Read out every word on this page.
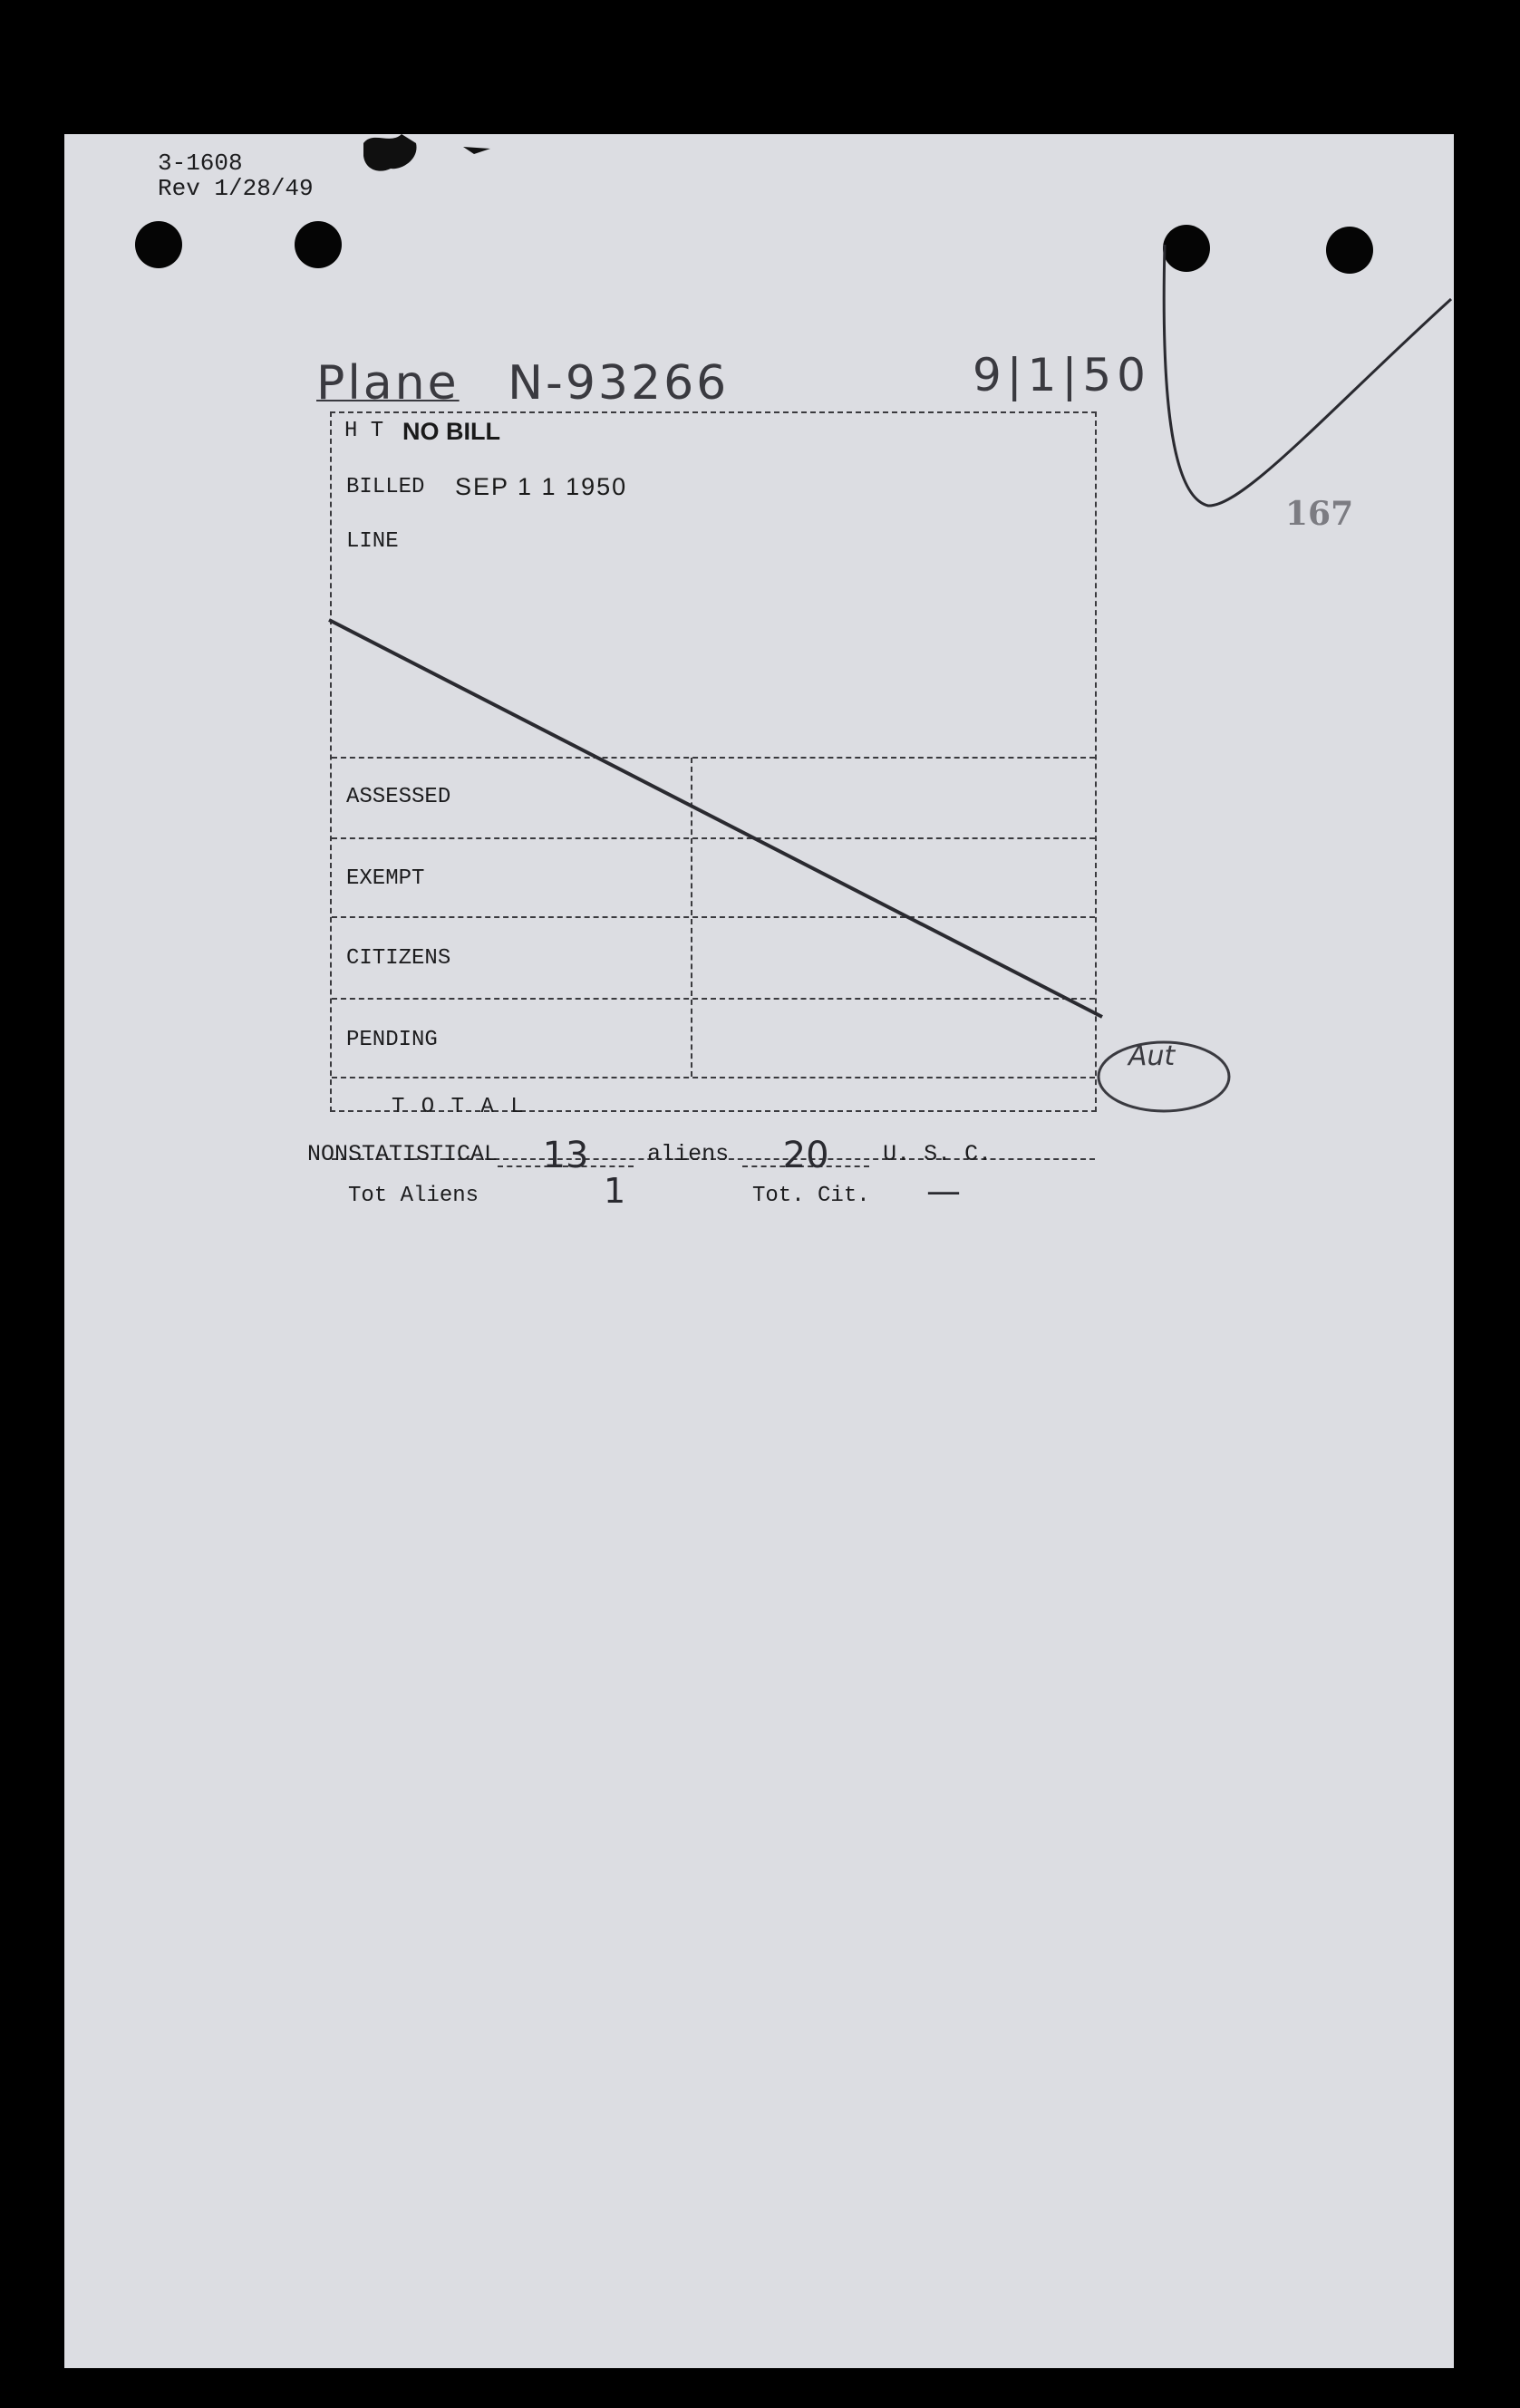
3-1608
Rev 1/28/49
167
Plane N-93266	9|1|50
H T NO BILL
BILLED SEP 1 1 1950
LINE
ASSESSED
EXEMPT
CITIZENS
PENDING
T O T A L
Tot Aliens	1	Tot. Cit. —
NONSTATISTICAL 13	aliens 20 U. S. C.
Aut
